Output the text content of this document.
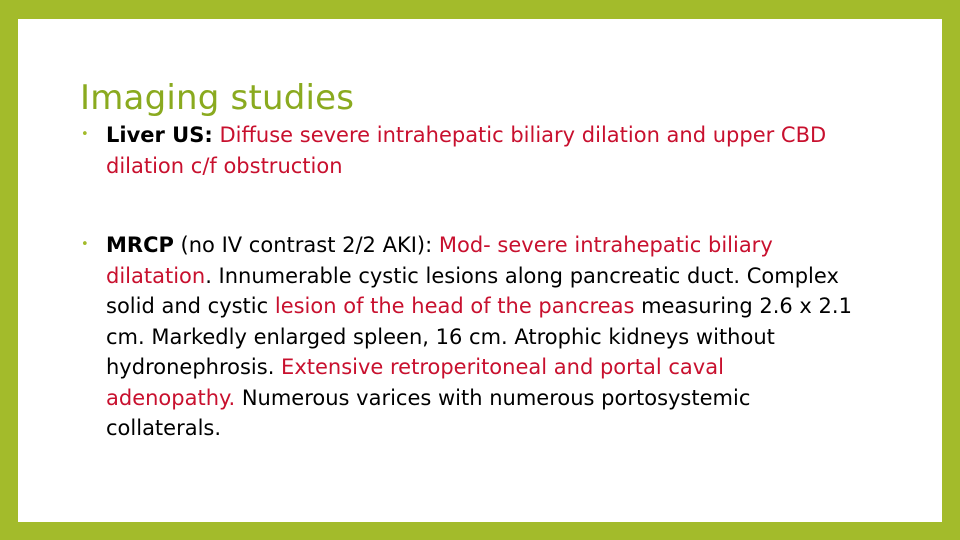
Imaging studies
• Liver US: Diffuse severe intrahepatic biliary dilation and upper CBD dilation c/f obstruction
• MRCP (no IV contrast 2/2 AKI): Mod- severe intrahepatic biliary dilatation. Innumerable cystic lesions along pancreatic duct. Complex solid and cystic lesion of the head of the pancreas measuring 2.6 x 2.1 cm. Markedly enlarged spleen, 16 cm. Atrophic kidneys without hydronephrosis. Extensive retroperitoneal and portal caval adenopathy. Numerous varices with numerous portosystemic collaterals.
